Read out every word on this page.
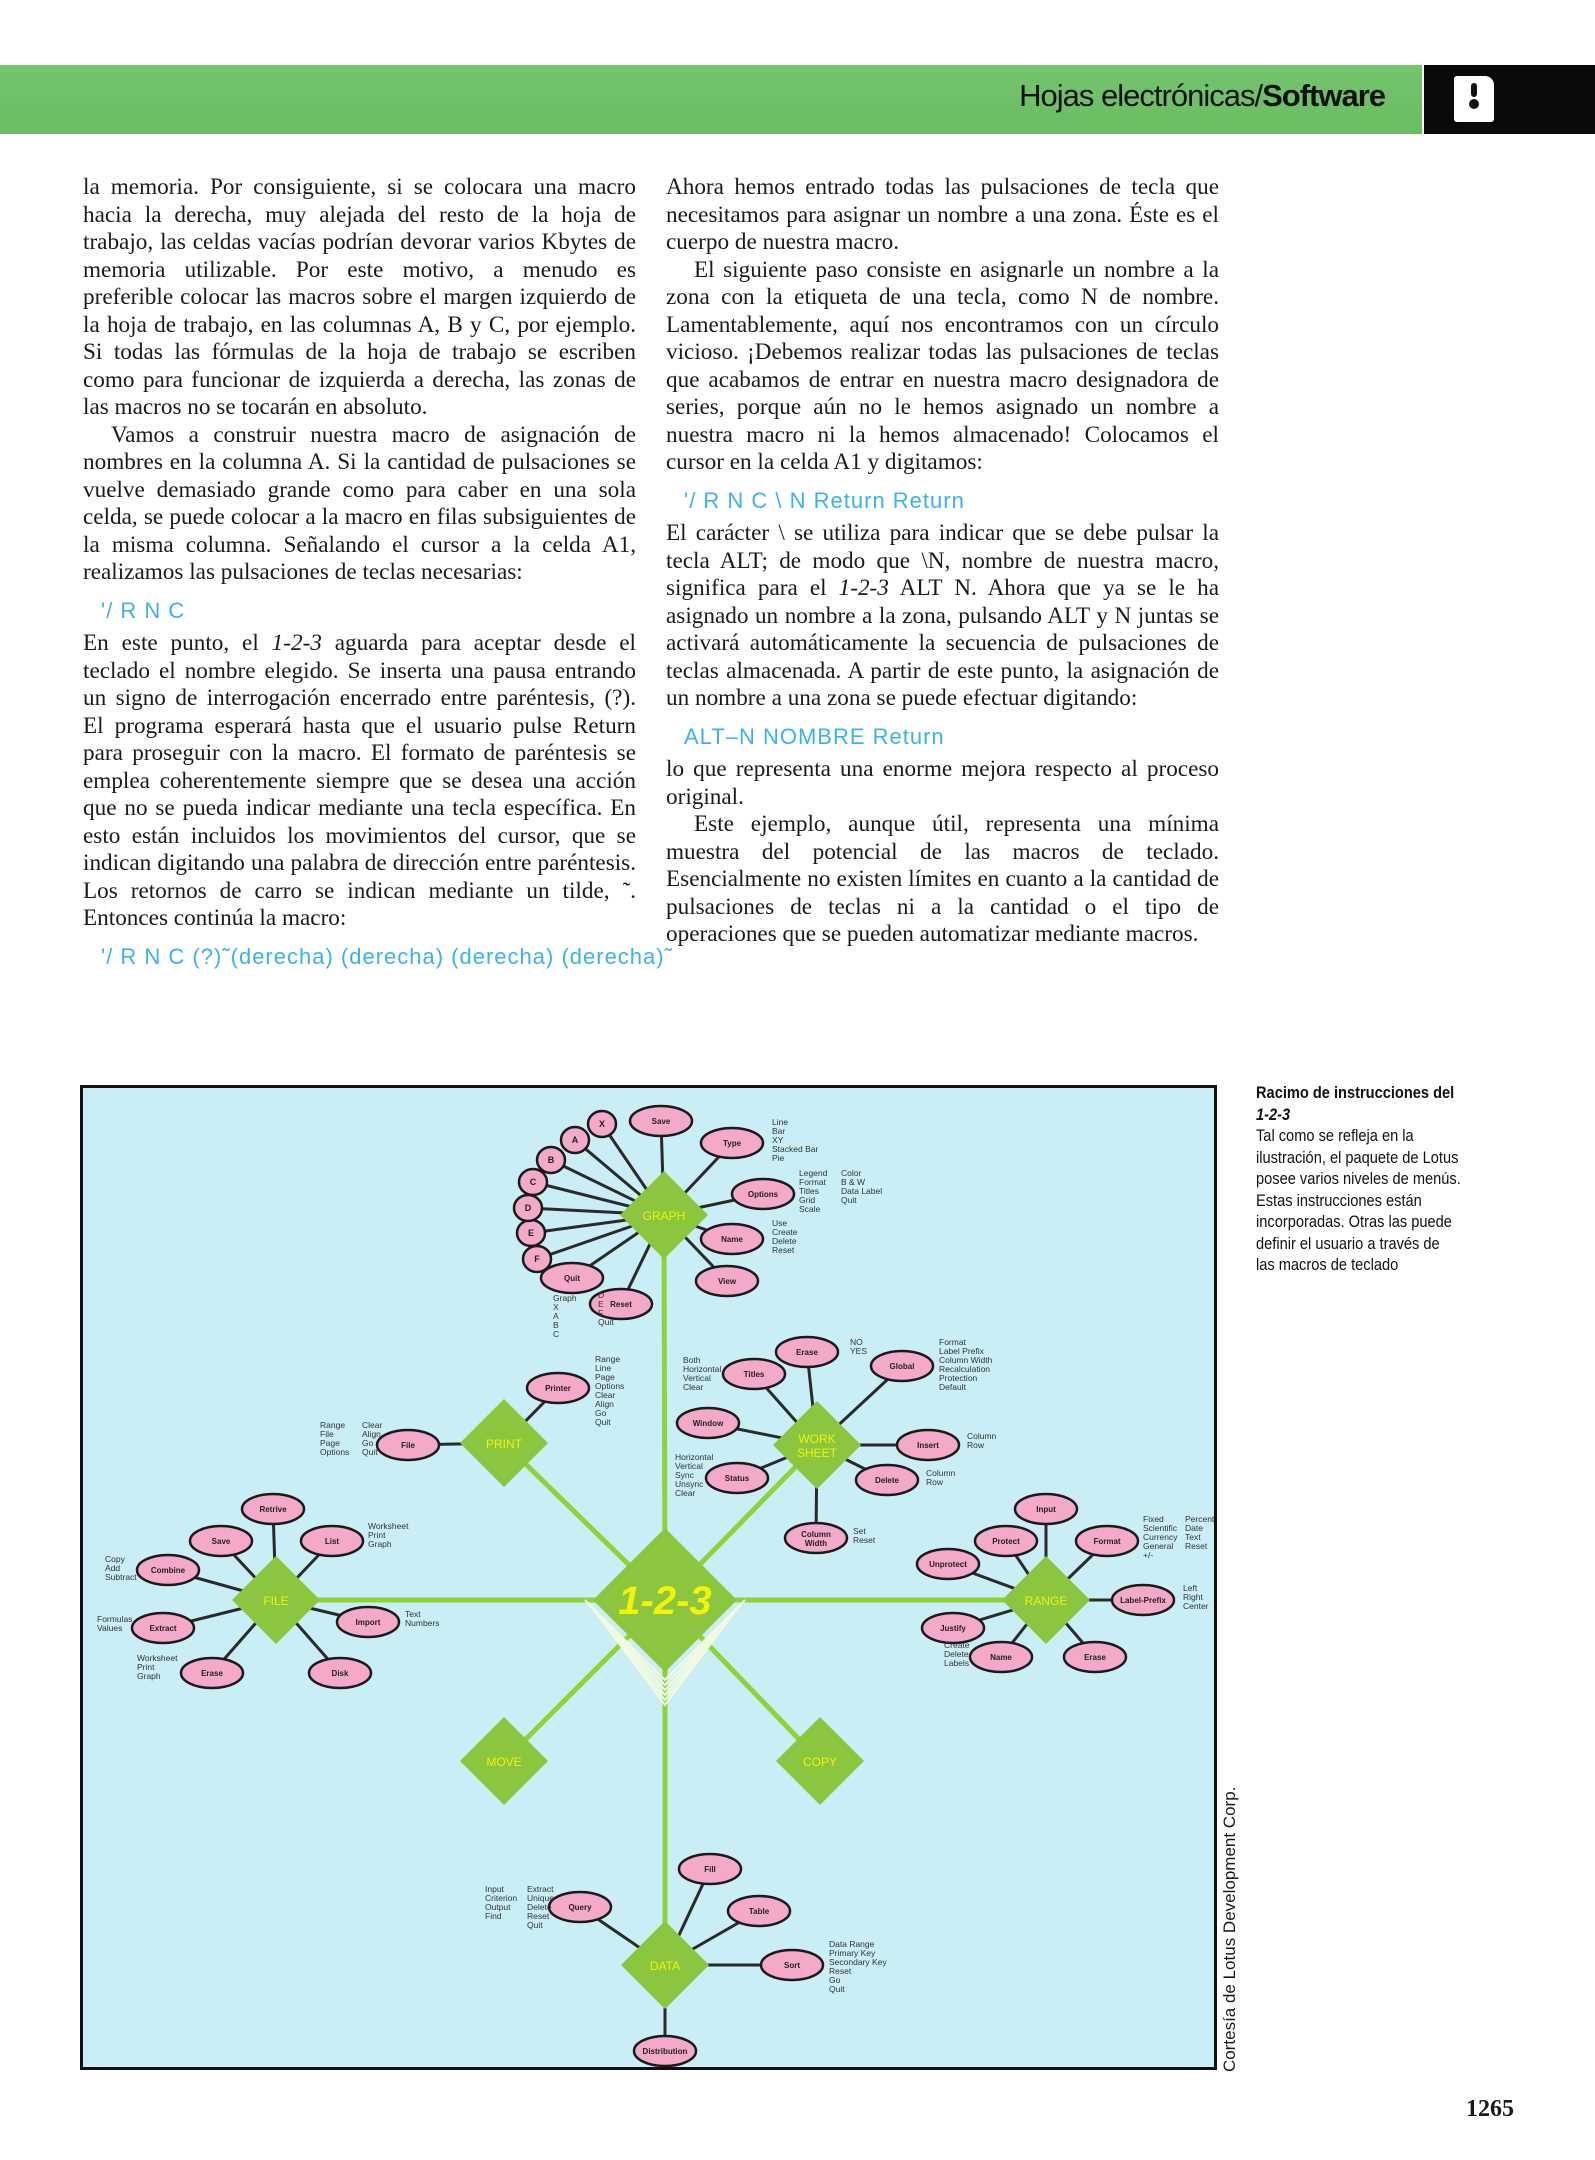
Hojas electrónicas/Software

la memoria. Por consiguiente, si se colocara una macro hacia la derecha, muy alejada del resto de la hoja de trabajo, las celdas vacías podrían devorar varios Kbytes de memoria utilizable. Por este motivo, a menudo es preferible colocar las macros sobre el margen izquierdo de la hoja de trabajo, en las columnas A, B y C, por ejemplo. Si todas las fórmulas de la hoja de trabajo se escriben como para funcionar de izquierda a derecha, las zonas de las macros no se tocarán en absoluto.

Vamos a construir nuestra macro de asignación de nombres en la columna A. Si la cantidad de pulsaciones se vuelve demasiado grande como para caber en una sola celda, se puede colocar a la macro en filas subsiguientes de la misma columna. Señalando el cursor a la celda A1, realizamos las pulsaciones de teclas necesarias:

'/ R N C

En este punto, el 1-2-3 aguarda para aceptar desde el teclado el nombre elegido. Se inserta una pausa entrando un signo de interrogación encerrado entre paréntesis, (?). El programa esperará hasta que el usuario pulse Return para proseguir con la macro. El formato de paréntesis se emplea coherentemente siempre que se desea una acción que no se pueda indicar mediante una tecla específica. En esto están incluidos los movimientos del cursor, que se indican digitando una palabra de dirección entre paréntesis. Los retornos de carro se indican mediante un tilde, ˜. Entonces continúa la macro:

'/ R N C (?)˜(derecha) (derecha) (derecha) (derecha)˜

Ahora hemos entrado todas las pulsaciones de tecla que necesitamos para asignar un nombre a una zona. Éste es el cuerpo de nuestra macro.

El siguiente paso consiste en asignarle un nombre a la zona con la etiqueta de una tecla, como N de nombre. Lamentablemente, aquí nos encontramos con un círculo vicioso. ¡Debemos realizar todas las pulsaciones de teclas que acabamos de entrar en nuestra macro designadora de series, porque aún no le hemos asignado un nombre a nuestra macro ni la hemos almacenado! Colocamos el cursor en la celda A1 y digitamos:

'/ R N C \ N Return Return

El carácter \ se utiliza para indicar que se debe pulsar la tecla ALT; de modo que \N, nombre de nuestra macro, significa para el 1-2-3 ALT N. Ahora que ya se le ha asignado un nombre a la zona, pulsando ALT y N juntas se activará automáticamente la secuencia de pulsaciones de teclas almacenada. A partir de este punto, la asignación de un nombre a una zona se puede efectuar digitando:

ALT–N NOMBRE Return

lo que representa una enorme mejora respecto al proceso original.

Este ejemplo, aunque útil, representa una mínima muestra del potencial de las macros de teclado. Esencialmente no existen límites en cuanto a la cantidad de pulsaciones de teclas ni a la cantidad o el tipo de operaciones que se pueden automatizar mediante macros.

GRAPH
Save
Type
Line
Bar
XY
Stacked Bar
Pie
Options
Legend
Format
Titles
Grid
Scale
Color
B & W
Data Label
Quit
Name
Use
Create
Delete
Reset
View
Reset
D
E
F
Quit
Quit
Graph
X
A
B
C
F
E
D
C
B
A
X
PRINT
Printer
Range
Line
Page
Options
Clear
Align
Go
Quit
File
Range
File
Page
Options
Clear
Align
Go
Quit
WORK
SHEET
Erase
NO
YES
Global
Format
Label Prefix
Column Width
Recalculation
Protection
Default
Titles
Both
Horizontal
Vertical
Clear
Window
Insert
Column
Row
Delete
Column
Row
Status
Horizontal
Vertical
Sync
Unsync
Clear
Column
Width
Set
Reset
FILE
Retrive
Save	List
Worksheet
Print
Graph
Combine
Copy
Add
Subtract
Extract
Formulas
Values
Import
Text
Numbers
Erase
Worksheet
Print
Graph	Disk
RANGE
Input
Protect	Format
Fixed
Scientific
Currency
General
+/-
Percent
Date
Text
Reset
Unprotect
Label-Prefix
Left
Right
Center
Justify
Name
Create
Delete
Labels
Erase
MOVE	COPY
DATA
Fill
Table
Query
Input
Criterion
Output
Find
Extract
Unique
Delete
Reset
Quit
Sort
Data Range
Primary Key
Secondary Key
Reset
Go
Quit
Distribution
1-2-3
Racimo de instrucciones del 1-2-3
Tal como se refleja en la ilustración, el paquete de Lotus posee varios niveles de menús. Estas instrucciones están incorporadas. Otras las puede definir el usuario a través de las macros de teclado
Cortesía de Lotus Development Corp.
1265
